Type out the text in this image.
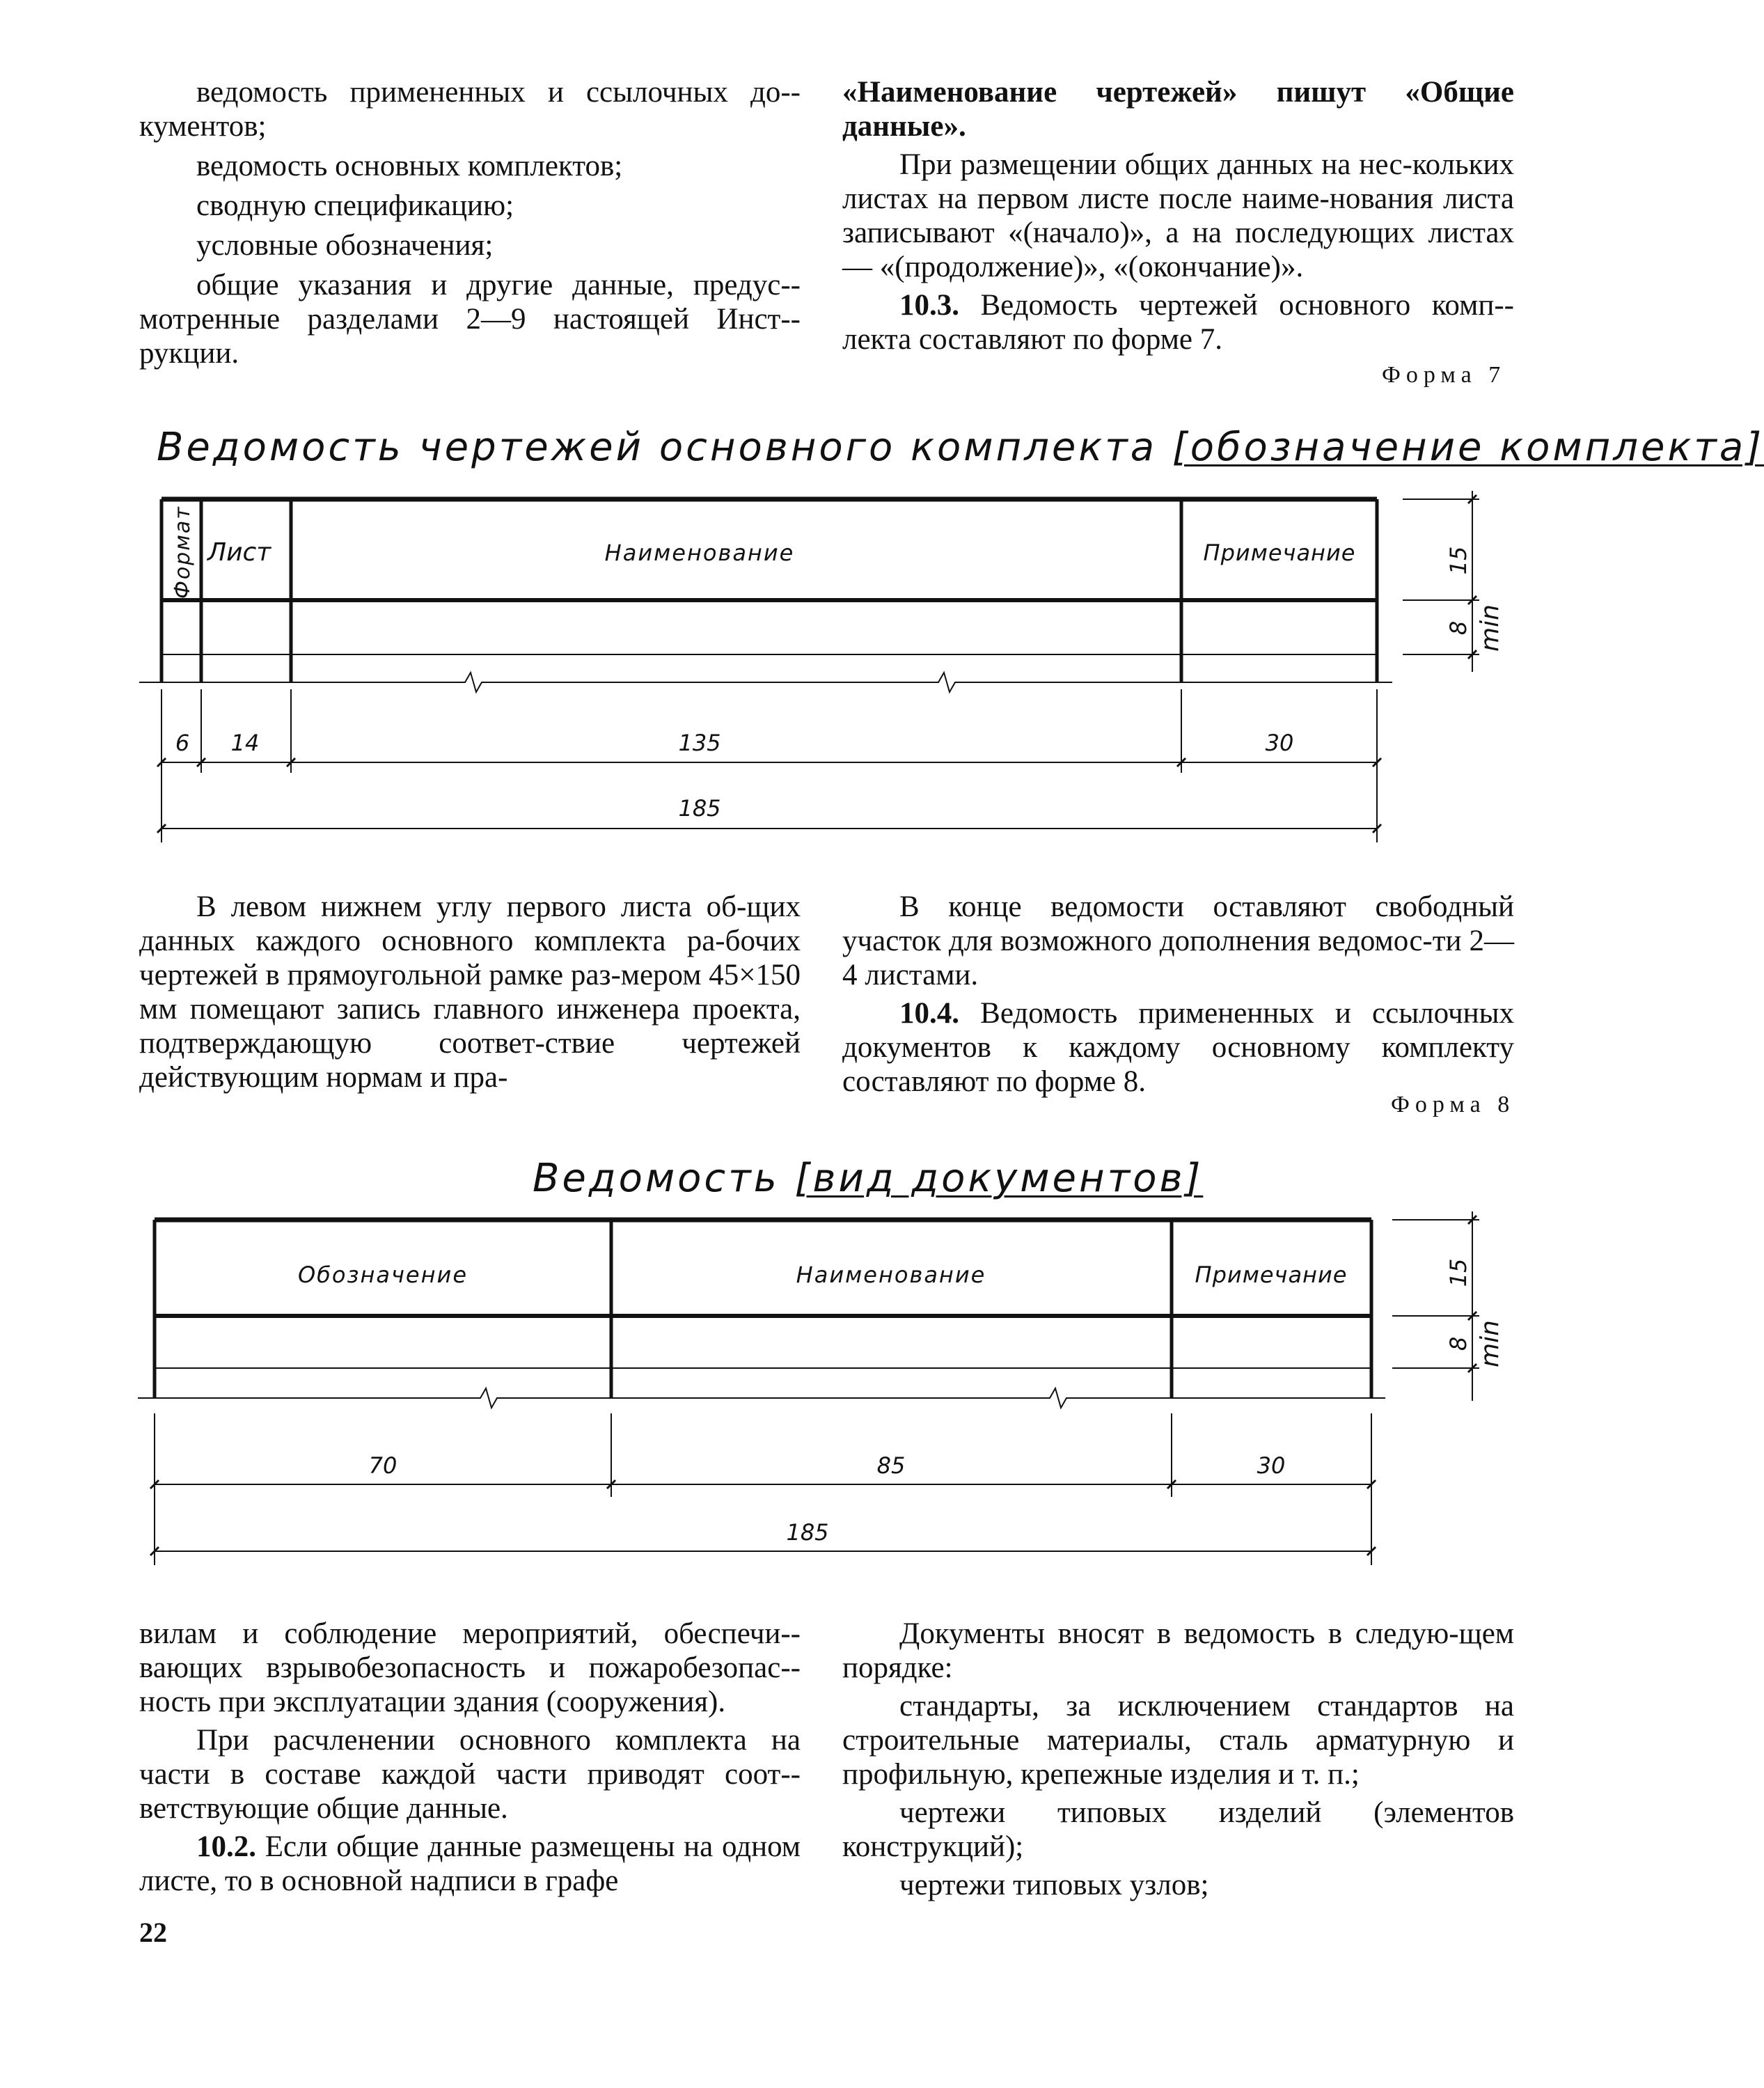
ведомость примененных и ссылочных до-кументов;

ведомость основных комплектов;

сводную спецификацию;

условные обозначения;

общие указания и другие данные, предус-мотренные разделами 2—9 настоящей Инст-рукции.

«Наименование чертежей» пишут «Общие данные».

При размещении общих данных на нес-кольких листах на первом листе после наиме-нования листа записывают «(начало)», а на последующих листах — «(продолжение)», «(окончание)».

10.3. Ведомость чертежей основного комп-лекта составляют по форме 7.

Форма 7
Ведомость чертежей основного комплекта [обозначение комплекта]
Формат Лист	Наименование	Примечание
6 14	135	30
185
15
8 min

В левом нижнем углу первого листа об-щих данных каждого основного комплекта ра-бочих чертежей в прямоугольной рамке раз-мером 45×150 мм помещают запись главного инженера проекта, подтверждающую соответ-ствие чертежей действующим нормам и пра-

В конце ведомости оставляют свободный участок для возможного дополнения ведомос-ти 2—4 листами.

10.4. Ведомость примененных и ссылочных документов к каждому основному комплекту составляют по форме 8.

Форма 8
Ведомость [вид документов]
Обозначение	Наименование	Примечание
70	85	30
185
15
8 min

вилам и соблюдение мероприятий, обеспечи-вающих взрывобезопасность и пожаробезопас-ность при эксплуатации здания (сооружения).

При расчленении основного комплекта на части в составе каждой части приводят соот-ветствующие общие данные.

10.2. Если общие данные размещены на одном листе, то в основной надписи в графе

Документы вносят в ведомость в следую-щем порядке:

стандарты, за исключением стандартов на строительные материалы, сталь арматурную и профильную, крепежные изделия и т. п.;

чертежи типовых изделий (элементов конструкций);

чертежи типовых узлов;

22
